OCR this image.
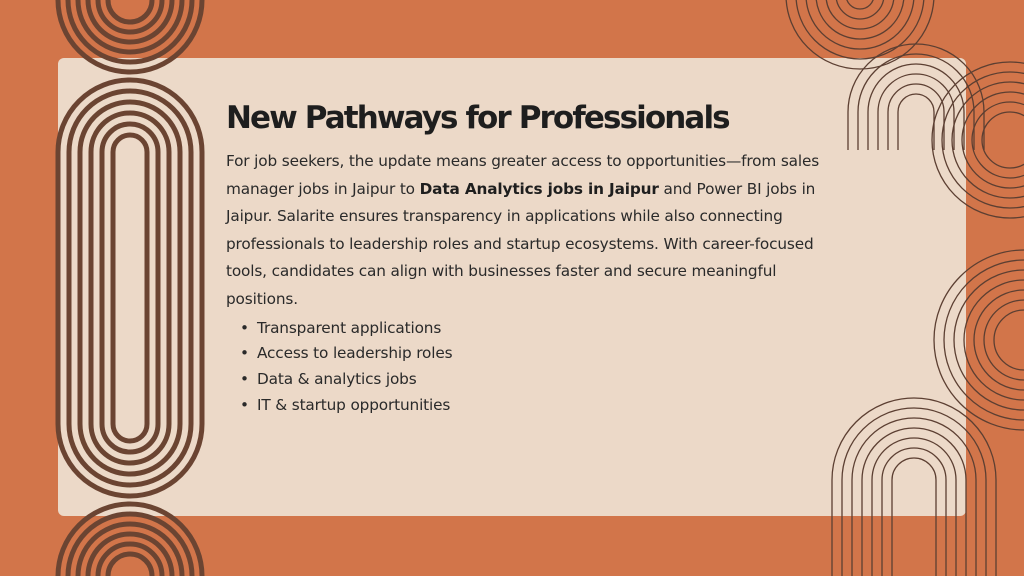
New Pathways for Professionals

For job seekers, the update means greater access to opportunities—from sales manager jobs in Jaipur to Data Analytics jobs in Jaipur and Power BI jobs in Jaipur. Salarite ensures transparency in applications while also connecting professionals to leadership roles and startup ecosystems. With career-focused tools, candidates can align with businesses faster and secure meaningful positions.

• Transparent applications
• Access to leadership roles
• Data & analytics jobs
• IT & startup opportunities
